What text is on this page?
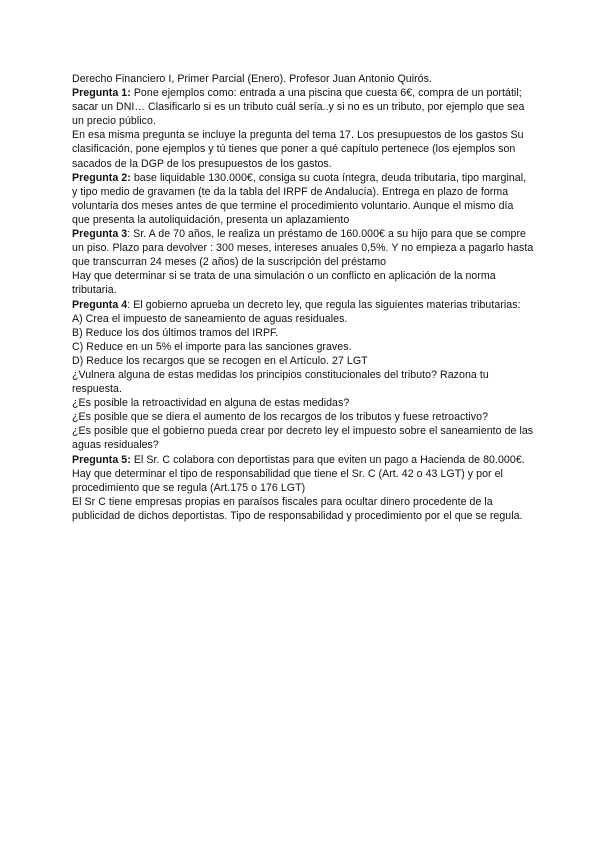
Derecho Financiero I, Primer Parcial (Enero). Profesor Juan Antonio Quirós.

Pregunta 1: Pone ejemplos como: entrada a una piscina que cuesta 6€, compra de un portátil; sacar un DNI… Clasificarlo si es un tributo cuál sería..y si no es un tributo, por ejemplo que sea un precio público.

En esa misma pregunta se incluye la pregunta del tema 17. Los presupuestos de los gastos Su clasificación, pone ejemplos y tú tienes que poner a qué capítulo pertenece (los ejemplos son sacados de la DGP de los presupuestos de los gastos.

Pregunta 2: base liquidable 130.000€, consiga su cuota íntegra, deuda tributaria, tipo marginal, y tipo medio de gravamen (te da la tabla del IRPF de Andalucía). Entrega en plazo de forma voluntaria dos meses antes de que termine el procedimiento voluntario. Aunque el mismo día que presenta la autoliquidación, presenta un aplazamiento

Pregunta 3: Sr. A de 70 años, le realiza un préstamo de 160.000€ a su hijo para que se compre un piso. Plazo para devolver : 300 meses, intereses anuales 0,5%. Y no empieza a pagarlo hasta que transcurran 24 meses (2 años) de la suscripción del préstamo

Hay que determinar si se trata de una simulación o un conflicto en aplicación de la norma tributaria.

Pregunta 4: El gobierno aprueba un decreto ley, que regula las siguientes materias tributarias:

A) Crea el impuesto de saneamiento de aguas residuales.

B) Reduce los dos últimos tramos del IRPF.

C) Reduce en un 5% el importe para las sanciones graves.

D) Reduce los recargos que se recogen en el Artículo. 27 LGT

¿Vulnera alguna de estas medidas los principios constitucionales del tributo? Razona tu respuesta.

¿Es posible la retroactividad en alguna de estas medidas?

¿Es posible que se diera el aumento de los recargos de los tributos y fuese retroactivo?

¿Es posible que el gobierno pueda crear por decreto ley el impuesto sobre el saneamiento de las aguas residuales?

Pregunta 5: El Sr. C colabora con deportistas para que eviten un pago a Hacienda de 80.000€. Hay que determinar el tipo de responsabilidad que tiene el Sr. C (Art. 42 o 43 LGT) y por el procedimiento que se regula (Art.175 o 176 LGT)

El Sr C tiene empresas propias en paraísos fiscales para ocultar dinero procedente de la publicidad de dichos deportistas. Tipo de responsabilidad y procedimiento por el que se regula.
